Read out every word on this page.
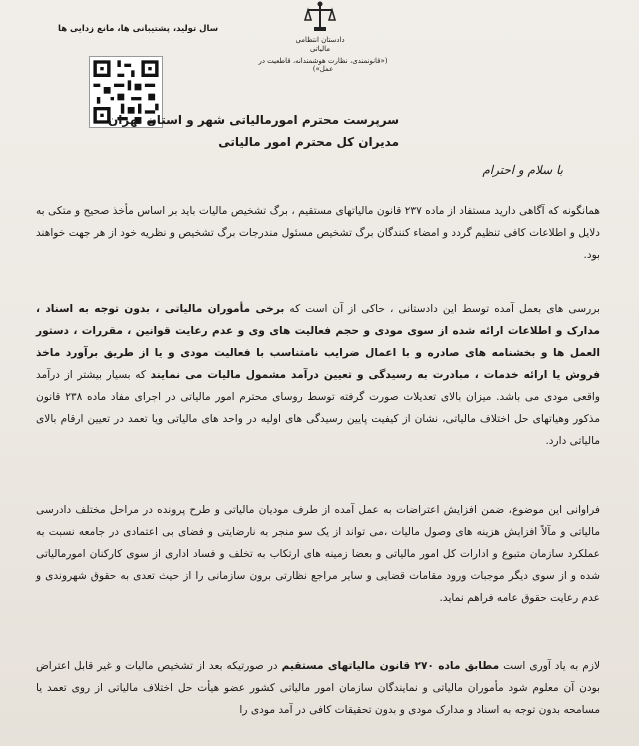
سال تولید، پشتیبانی ها، مانع زدایی ها
دادستان انتظامی مالیاتی
(«قانونمندی، نظارت هوشمندانه، قاطعیت در عمل»)
سرپرست محترم امورمالیاتی شهر و استان تهران
مدیران کل محترم امور مالیاتی
با سلام و احترام
همانگونه که آگاهی دارید مستفاد از ماده ۲۳۷ قانون مالیاتهای مستقیم ، برگ تشخیص مالیات باید بر اساس مأخذ صحیح و متکی به دلایل و اطلاعات کافی تنظیم گردد و امضاء کنندگان برگ تشخیص مسئول مندرجات برگ تشخیص و نظریه خود از هر جهت خواهند بود.
بررسی های بعمل آمده توسط این دادستانی ، حاکی از آن است که برخی مأموران مالیاتی ، بدون توجه به اسناد ، مدارک و اطلاعات ارائه شده از سوی مودی و حجم فعالیت های وی و عدم رعایت قوانین ، مقررات ، دستور العمل ها و بخشنامه های صادره و با اعمال ضرایب نامتناسب با فعالیت مودی و یا از طریق برآورد ماخذ فروش یا ارائه خدمات ، مبادرت به رسیدگی و تعیین درآمد مشمول مالیات می نمایند که بسیار بیشتر از درآمد واقعی مودی می باشد. میزان بالای تعدیلات صورت گرفته توسط روسای محترم امور مالیاتی در اجرای مفاد ماده ۲۳۸ قانون مذکور وهیاتهای حل اختلاف مالیاتی، نشان از کیفیت پایین رسیدگی های اولیه در واحد های مالیاتی ویا تعمد در تعیین ارقام بالای مالیاتی دارد.
فراوانی این موضوع، ضمن افزایش اعتراضات به عمل آمده از طرف مودیان مالیاتی و طرح پرونده در مراحل مختلف دادرسی مالیاتی و مآلاً افزایش هزینه های وصول مالیات ،می تواند از یک سو منجر به نارضایتی و فضای بی اعتمادی در جامعه نسبت به عملکرد سازمان متبوع و ادارات کل امور مالیاتی و بعضا زمینه های ارتکاب به تخلف و فساد اداری از سوی کارکنان امورمالیاتی شده و از سوی دیگر موجبات ورود مقامات قضایی و سایر مراجع نظارتی برون سازمانی را از حیث تعدی به حقوق شهروندی و عدم رعایت حقوق عامه فراهم نماید.
لازم به یاد آوری است مطابق ماده ۲۷۰ قانون مالیاتهای مستقیم در صورتیکه بعد از تشخیص مالیات و غیر قابل اعتراض بودن آن معلوم شود مأموران مالیاتی و نمایندگان سازمان امور مالیاتی کشور عضو هیأت حل اختلاف مالیاتی از روی تعمد یا مسامحه بدون توجه به اسناد و مدارک مودی و بدون تحقیقات کافی در آمد مودی را
